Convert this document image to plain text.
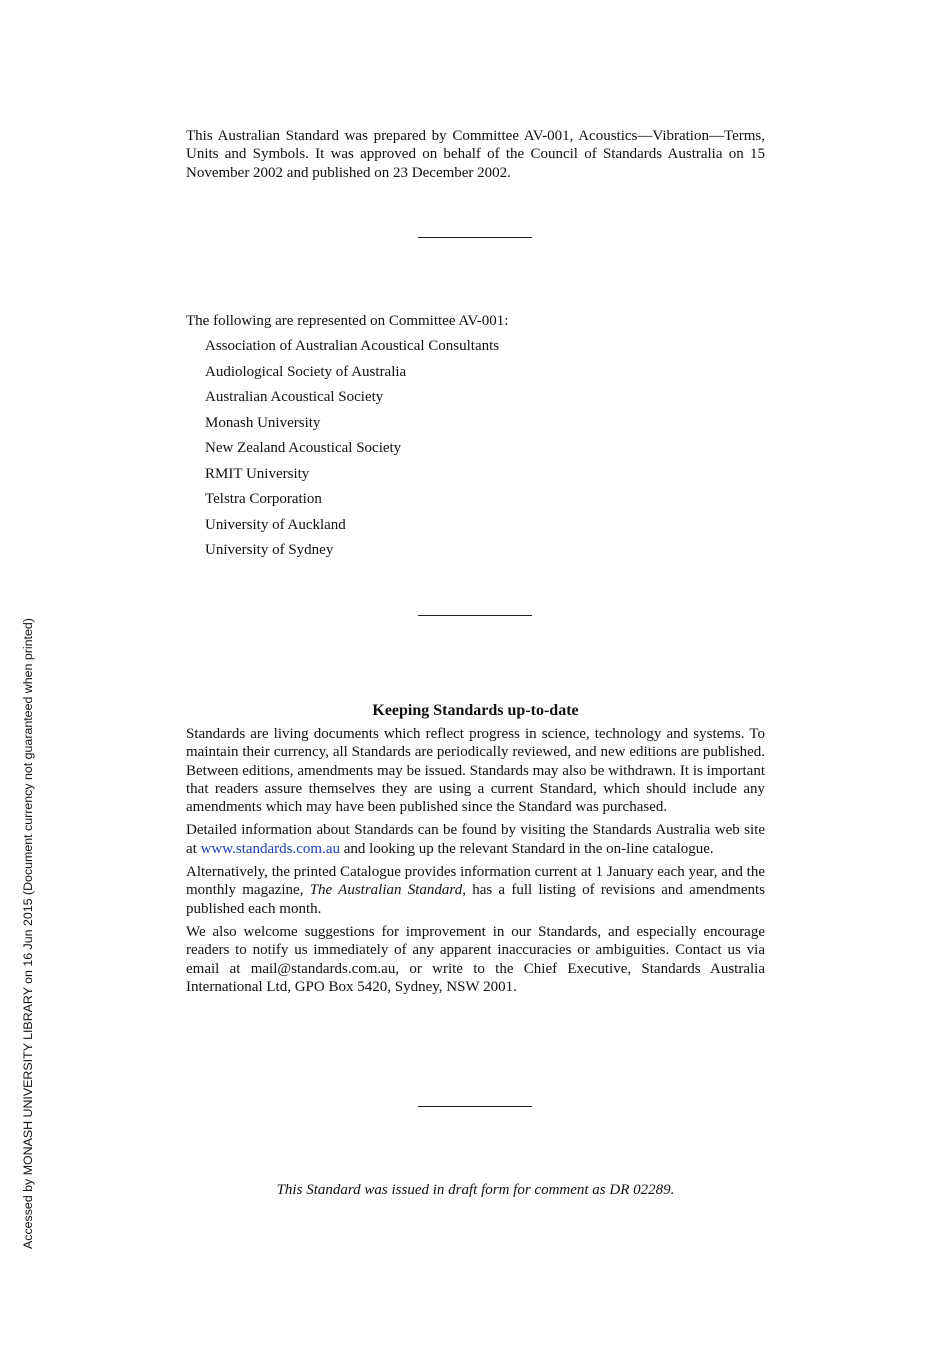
This Australian Standard was prepared by Committee AV-001, Acoustics—Vibration—Terms, Units and Symbols. It was approved on behalf of the Council of Standards Australia on 15 November 2002 and published on 23 December 2002.

The following are represented on Committee AV-001:

Association of Australian Acoustical Consultants
Audiological Society of Australia
Australian Acoustical Society
Monash University
New Zealand Acoustical Society
RMIT University
Telstra Corporation
University of Auckland
University of Sydney
Keeping Standards up-to-date

Standards are living documents which reflect progress in science, technology and systems. To maintain their currency, all Standards are periodically reviewed, and new editions are published. Between editions, amendments may be issued. Standards may also be withdrawn. It is important that readers assure themselves they are using a current Standard, which should include any amendments which may have been published since the Standard was purchased.

Detailed information about Standards can be found by visiting the Standards Australia web site at www.standards.com.au and looking up the relevant Standard in the on-line catalogue.

Alternatively, the printed Catalogue provides information current at 1 January each year, and the monthly magazine, The Australian Standard, has a full listing of revisions and amendments published each month.

We also welcome suggestions for improvement in our Standards, and especially encourage readers to notify us immediately of any apparent inaccuracies or ambiguities. Contact us via email at mail@standards.com.au, or write to the Chief Executive, Standards Australia International Ltd, GPO Box 5420, Sydney, NSW 2001.

This Standard was issued in draft form for comment as DR 02289.

Accessed by MONASH UNIVERSITY LIBRARY on 16 Jun 2015 (Document currency not guaranteed when printed)
